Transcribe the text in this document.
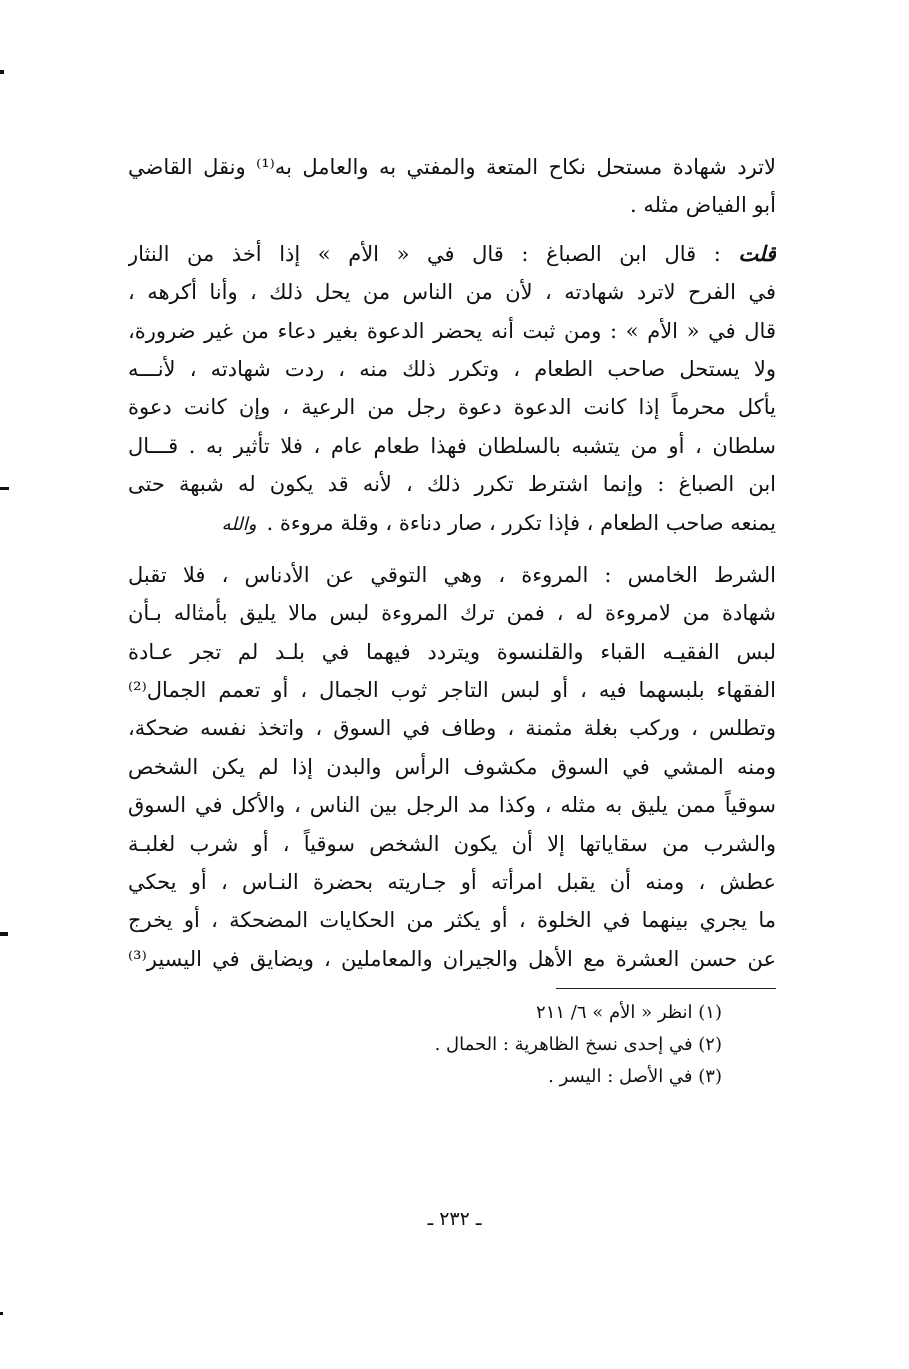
لاترد شهادة مستحل نكاح المتعة والمفتي به والعامل به⁽¹⁾ ونقل القاضي
أبو الفياض مثله .
قلت : قال ابن الصباغ : قال في « الأم » إذا أخذ من النثار
في الفرح لاترد شهادته ، لأن من الناس من يحل ذلك ، وأنا أكرهه ،
قال في « الأم » : ومن ثبت أنه يحضر الدعوة بغير دعاء من غير ضرورة،
ولا يستحل صاحب الطعام ، وتكرر ذلك منه ، ردت شهادته ، لأنـــه
يأكل محرماً إذا كانت الدعوة دعوة رجل من الرعية ، وإن كانت دعوة
سلطان ، أو من يتشبه بالسلطان فهذا طعام عام ، فلا تأثير به . قـــال
ابن الصباغ : وإنما اشترط تكرر ذلك ، لأنه قد يكون له شبهة حتى
يمنعه صاحب الطعام ، فإذا تكرر ، صار دناءة ، وقلة مروءة .والله
الشرط الخامس : المروءة ، وهي التوقي عن الأدناس ، فلا تقبل
شهادة من لامروءة له ، فمن ترك المروءة لبس مالا يليق بأمثاله بـأن
لبس الفقيـه القباء والقلنسوة ويتردد فيهما في بلـد لم تجر عـادة
الفقهاء بلبسهما فيه ، أو لبس التاجر ثوب الجمال ، أو تعمم الجمال⁽²⁾
وتطلس ، وركب بغلة مثمنة ، وطاف في السوق ، واتخذ نفسه ضحكة،
ومنه المشي في السوق مكشوف الرأس والبدن إذا لم يكن الشخص
سوقياً ممن يليق به مثله ، وكذا مد الرجل بين الناس ، والأكل في السوق
والشرب من سقاياتها إلا أن يكون الشخص سوقياً ، أو شرب لغلبـة
عطش ، ومنه أن يقبل امرأته أو جـاريته بحضرة النـاس ، أو يحكي
ما يجري بينهما في الخلوة ، أو يكثر من الحكايات المضحكة ، أو يخرج
عن حسن العشرة مع الأهل والجيران والمعاملين ، ويضايق في اليسير⁽³⁾
(١) انظر « الأم » ٦/ ٢١١
(٢) في إحدى نسخ الظاهرية : الحمال .
(٣) في الأصل : اليسر .
ـ ٢٣٢ ـ
